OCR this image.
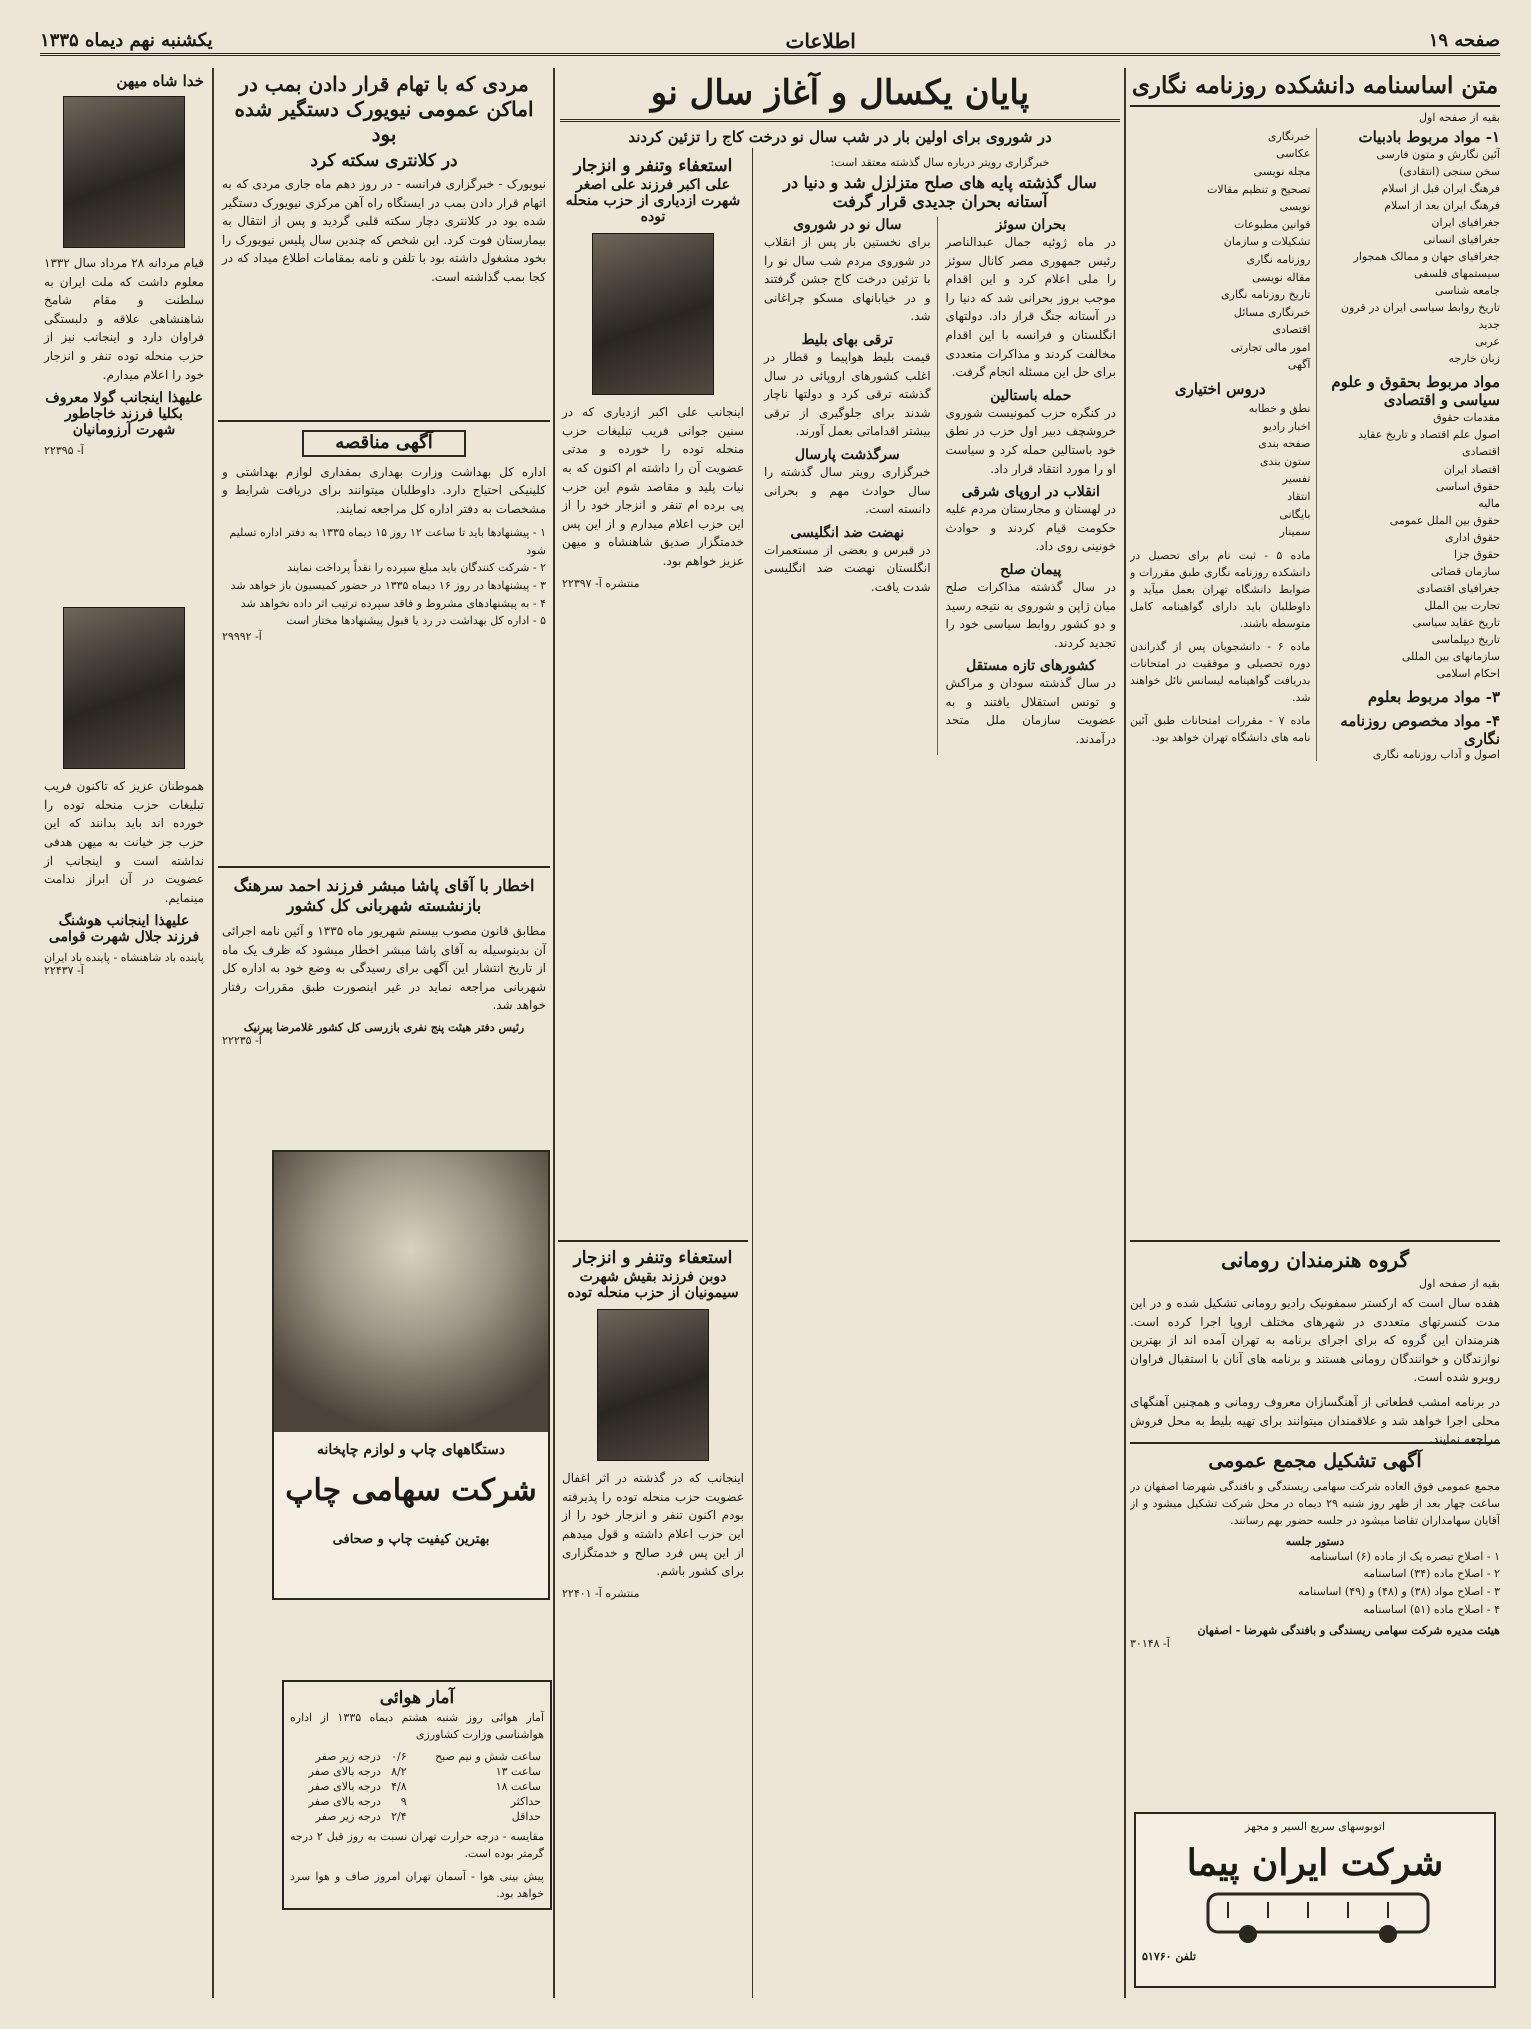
صفحه ۱۹
اطلاعات
یکشنبه نهم دیماه ۱۳۳۵
متن اساسنامه دانشکده روزنامه نگاری
بقیه از صفحه اول
۱- مواد مربوط بادبیات
آئین نگارش و متون فارسی
سخن سنجی (انتقادی)
فرهنگ ایران قبل از اسلام
فرهنگ ایران بعد از اسلام
جغرافیای ایران
جغرافیای انسانی
جغرافیای جهان و ممالک همجوار
سیستمهای فلسفی
جامعه شناسی
تاریخ روابط سیاسی ایران در قرون جدید
عربی
زبان خارجه
مواد مربوط بحقوق و علوم سیاسی و اقتصادی
مقدمات حقوق
اصول علم اقتصاد و تاریخ عقاید اقتصادی
اقتصاد ایران
حقوق اساسی
مالیه
حقوق بین الملل عمومی
حقوق اداری
حقوق جزا
سازمان قضائی
جغرافیای اقتصادی
تجارت بین الملل
تاریخ عقاید سیاسی
تاریخ دیپلماسی
سازمانهای بین المللی
احکام اسلامی
۳- مواد مربوط بعلوم
۴- مواد مخصوص روزنامه نگاری
اصول و آداب روزنامه نگاری
خبرنگاری
عکاسی
مجله نویسی
تصحیح و تنظیم مقالات
نویسی
قوانین مطبوعات
تشکیلات و سازمان
روزنامه نگاری
مقاله نویسی
تاریخ روزنامه نگاری
خبرنگاری مسائل
اقتصادی
امور مالی تجارتی
آگهی
دروس اختیاری
نطق و خطابه
اخبار رادیو
صفحه بندی
ستون بندی
تفسیر
انتقاد
بایگانی
سمینار

ماده ۵ - ثبت نام برای تحصیل در دانشکده روزنامه نگاری طبق مقررات و ضوابط دانشگاه تهران بعمل میآید و داوطلبان باید دارای گواهینامه کامل متوسطه باشند.

ماده ۶ - دانشجویان پس از گذراندن دوره تحصیلی و موفقیت در امتحانات بدریافت گواهینامه لیسانس نائل خواهند شد.

ماده ۷ - مقررات امتحانات طبق آئین نامه های دانشگاه تهران خواهد بود.

گروه هنرمندان رومانی
بقیه از صفحه اول

هفده سال است که ارکستر سمفونیک رادیو رومانی تشکیل شده و در این مدت کنسرتهای متعددی در شهرهای مختلف اروپا اجرا کرده است. هنرمندان این گروه که برای اجرای برنامه به تهران آمده اند از بهترین نوازندگان و خوانندگان رومانی هستند و برنامه های آنان با استقبال فراوان روبرو شده است.

در برنامه امشب قطعاتی از آهنگسازان معروف رومانی و همچنین آهنگهای محلی اجرا خواهد شد و علاقمندان میتوانند برای تهیه بلیط به محل فروش مراجعه نمایند.

آگهی تشکیل مجمع عمومی

مجمع عمومی فوق العاده شرکت سهامی ریسندگی و بافندگی شهرضا اصفهان در ساعت چهار بعد از ظهر روز شنبه ۲۹ دیماه در محل شرکت تشکیل میشود و از آقایان سهامداران تقاضا میشود در جلسه حضور بهم رسانند.

دستور جلسه
۱ - اصلاح تبصره یک از ماده (۶) اساسنامه
۲ - اصلاح ماده (۳۴) اساسنامه
۳ - اصلاح مواد (۳۸) و (۴۸) و (۴۹) اساسنامه
۴ - اصلاح ماده (۵۱) اساسنامه
هیئت مدیره شرکت سهامی ریسندگی و بافندگی شهرضا - اصفهان
آ- ۳۰۱۴۸
اتوبوسهای سریع السیر و مجهز
شرکت ایران پیما
تلفن ۵۱۷۶۰
پایان یکسال و آغاز سال نو
در شوروی برای اولین بار در شب سال نو درخت کاج را تزئین کردند
خبرگزاری رویتر درباره سال گذشته معتقد است:
سال گذشته پایه های صلح متزلزل شد و دنیا در آستانه بحران جدیدی قرار گرفت
بحران سوئز

در ماه ژوئیه جمال عبدالناصر رئیس جمهوری مصر کانال سوئز را ملی اعلام کرد و این اقدام موجب بروز بحرانی شد که دنیا را در آستانه جنگ قرار داد. دولتهای انگلستان و فرانسه با این اقدام مخالفت کردند و مذاکرات متعددی برای حل این مسئله انجام گرفت.

حمله باستالین

در کنگره حزب کمونیست شوروی خروشچف دبیر اول حزب در نطق خود باستالین حمله کرد و سیاست او را مورد انتقاد قرار داد.

انقلاب در اروپای شرقی

در لهستان و مجارستان مردم علیه حکومت قیام کردند و حوادث خونینی روی داد.

پیمان صلح

در سال گذشته مذاکرات صلح میان ژاپن و شوروی به نتیجه رسید و دو کشور روابط سیاسی خود را تجدید کردند.

کشورهای تازه مستقل

در سال گذشته سودان و مراکش و تونس استقلال یافتند و به عضویت سازمان ملل متحد درآمدند.

سال نو در شوروی

برای نخستین بار پس از انقلاب در شوروی مردم شب سال نو را با تزئین درخت کاج جشن گرفتند و در خیابانهای مسکو چراغانی شد.

ترقی بهای بلیط

قیمت بلیط هواپیما و قطار در اغلب کشورهای اروپائی در سال گذشته ترقی کرد و دولتها ناچار شدند برای جلوگیری از ترقی بیشتر اقداماتی بعمل آورند.

سرگذشت پارسال

خبرگزاری رویتر سال گذشته را سال حوادث مهم و بحرانی دانسته است.

نهضت ضد انگلیسی

در قبرس و بعضی از مستعمرات انگلستان نهضت ضد انگلیسی شدت یافت.

استعفاء وتنفر و انزجار
علی اکبر فرزند علی اصغر
شهرت ازدیاری از حزب منحله توده

اینجانب علی اکبر ازدیاری که در سنین جوانی فریب تبلیغات حزب منحله توده را خورده و مدتی عضویت آن را داشته ام اکنون که به نیات پلید و مقاصد شوم این حزب پی برده ام تنفر و انزجار خود را از این حزب اعلام میدارم و از این پس خدمتگزار صدیق شاهنشاه و میهن عزیز خواهم بود.

منتشره آ- ۲۲۳۹۷
استعفاء وتنفر و انزجار
دوبن فرزند بقیش شهرت
سیمونیان از حزب منحله توده

اینجانب که در گذشته در اثر اغفال عضویت حزب منحله توده را پذیرفته بودم اکنون تنفر و انزجار خود را از این حزب اعلام داشته و قول میدهم از این پس فرد صالح و خدمتگزاری برای کشور باشم.

منتشره آ- ۲۲۴۰۱
آمار هوائی

آمار هوائی روز شنبه هشتم دیماه ۱۳۳۵ از اداره هواشناسی وزارت کشاورزی

ساعت شش و نیم صبح	۰/۶	درجه زیر صفر
ساعت ۱۳	۸/۲	درجه بالای صفر
ساعت ۱۸	۴/۸	درجه بالای صفر
حداکثر	۹	درجه بالای صفر
حداقل	۲/۴	درجه زیر صفر

مقایسه - درجه حرارت تهران نسبت به روز قبل ۲ درجه گرمتر بوده است.

پیش بینی هوا - آسمان تهران امروز صاف و هوا سرد خواهد بود.

مردی که با تهام قرار دادن بمب در اماکن عمومی نیویورک دستگیر شده بود
در کلانتری سکته کرد

نیویورک - خبرگزاری فرانسه - در روز دهم ماه جاری مردی که به اتهام قرار دادن بمب در ایستگاه راه آهن مرکزی نیویورک دستگیر شده بود در کلانتری دچار سکته قلبی گردید و پس از انتقال به بیمارستان فوت کرد. این شخص که چندین سال پلیس نیویورک را بخود مشغول داشته بود با تلفن و نامه بمقامات اطلاع میداد که در کجا بمب گذاشته است.

آگهی مناقصه

اداره کل بهداشت وزارت بهداری بمقداری لوازم بهداشتی و کلینیکی احتیاج دارد. داوطلبان میتوانند برای دریافت شرایط و مشخصات به دفتر اداره کل مراجعه نمایند.

۱ - پیشنهادها باید تا ساعت ۱۲ روز ۱۵ دیماه ۱۳۳۵ به دفتر اداره تسلیم شود
۲ - شرکت کنندگان باید مبلغ سپرده را نقداً پرداخت نمایند
۳ - پیشنهادها در روز ۱۶ دیماه ۱۳۳۵ در حضور کمیسیون باز خواهد شد
۴ - به پیشنهادهای مشروط و فاقد سپرده ترتیب اثر داده نخواهد شد
۵ - اداره کل بهداشت در رد یا قبول پیشنهادها مختار است
آ- ۲۹۹۹۲
اخطار با آقای پاشا مبشر فرزند احمد سرهنگ بازنشسته شهربانی کل کشور

مطابق قانون مصوب بیستم شهریور ماه ۱۳۳۵ و آئین نامه اجرائی آن بدینوسیله به آقای پاشا مبشر اخطار میشود که ظرف یک ماه از تاریخ انتشار این آگهی برای رسیدگی به وضع خود به اداره کل شهربانی مراجعه نماید در غیر اینصورت طبق مقررات رفتار خواهد شد.

رئیس دفتر هیئت پنج نفری بازرسی کل کشور غلامرضا پیرنیک
آ- ۲۲۲۳۵
دستگاههای چاپ و لوازم چاپخانه
شرکت سهامی چاپ
بهترین کیفیت چاپ و صحافی
خدا شاه میهن

قیام مردانه ۲۸ مرداد سال ۱۳۳۲ معلوم داشت که ملت ایران به سلطنت و مقام شامخ شاهنشاهی علاقه و دلبستگی فراوان دارد و اینجانب نیز از حزب منحله توده تنفر و انزجار خود را اعلام میدارم.

علیهذا اینجانب گولا معروف بکلیا فرزند خاجاطور شهرت آرزومانیان
آ- ۲۲۳۹۵

هموطنان عزیز که تاکنون فریب تبلیغات حزب منحله توده را خورده اند باید بدانند که این حزب جز خیانت به میهن هدفی نداشته است و اینجانب از عضویت در آن ابراز ندامت مینمایم.

علیهذا اینجانب هوشنگ فرزند جلال شهرت قوامی
پاینده باد شاهنشاه - پاینده باد ایران
آ- ۲۲۴۳۷
